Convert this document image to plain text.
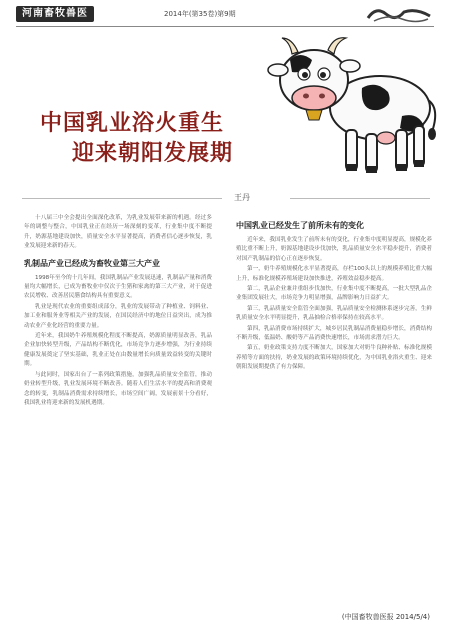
河南畜牧兽医	2014年(第35卷)第9期
中国乳业浴火重生
迎来朝阳发展期
王丹

十八届三中全会提出全面深化改革，为乳业发展带来新的机遇。经过多年的调整与整合，中国乳业正在经历一场深刻的变革，行业集中度不断提升，奶源基地建设加快，质量安全水平显著提高，消费者信心逐步恢复，乳业发展迎来新的春天。

乳制品产业已经成为畜牧业第三大产业

1998年至今的十几年间，我国乳制品产业发展迅速，乳制品产量和消费量均大幅增长，已成为畜牧业中仅次于生猪和家禽的第三大产业，对于促进农民增收、改善居民膳食结构具有重要意义。

乳业是现代农业的重要组成部分，乳业的发展带动了种植业、饲料业、加工业和服务业等相关产业的发展，在国民经济中的地位日益突出，成为推动农业产业化经营的重要力量。

近年来，我国奶牛养殖规模化程度不断提高，奶源质量明显改善，乳品企业加快转型升级，产品结构不断优化，市场竞争力逐步增强，为行业持续健康发展奠定了坚实基础，乳业正处在由数量增长向质量效益转变的关键时期。

与此同时，国家出台了一系列政策措施，加强乳品质量安全监管，推动奶业转型升级，乳业发展环境不断改善。随着人们生活水平的提高和消费观念的转变，乳制品消费需求持续增长，市场空间广阔，发展前景十分看好，我国乳业将迎来新的发展机遇期。

中国乳业已经发生了前所未有的变化

近年来，我国乳业发生了前所未有的变化，行业集中度明显提高，规模化养殖比重不断上升，奶源基地建设步伐加快，乳品质量安全水平稳步提升，消费者对国产乳制品的信心正在逐步恢复。

第一，奶牛养殖规模化水平显著提高，存栏100头以上的规模养殖比重大幅上升，标准化规模养殖场建设加快推进，养殖效益稳步提高。

第二，乳品企业兼并重组步伐加快，行业集中度不断提高，一批大型乳品企业集团发展壮大，市场竞争力明显增强，品牌影响力日益扩大。

第三，乳品质量安全监管全面加强，乳品质量安全检测体系逐步完善，生鲜乳质量安全水平明显提升，乳品抽检合格率保持在较高水平。

第四，乳品消费市场持续扩大，城乡居民乳制品消费量稳步增长，消费结构不断升级，低温奶、酸奶等产品消费快速增长，市场需求潜力巨大。

第五，奶业政策支持力度不断加大，国家加大对奶牛良种补贴、标准化规模养殖等方面的扶持，奶业发展的政策环境持续优化，为中国乳业浴火重生、迎来朝阳发展期提供了有力保障。

(中国畜牧兽医报 2014/5/4)
